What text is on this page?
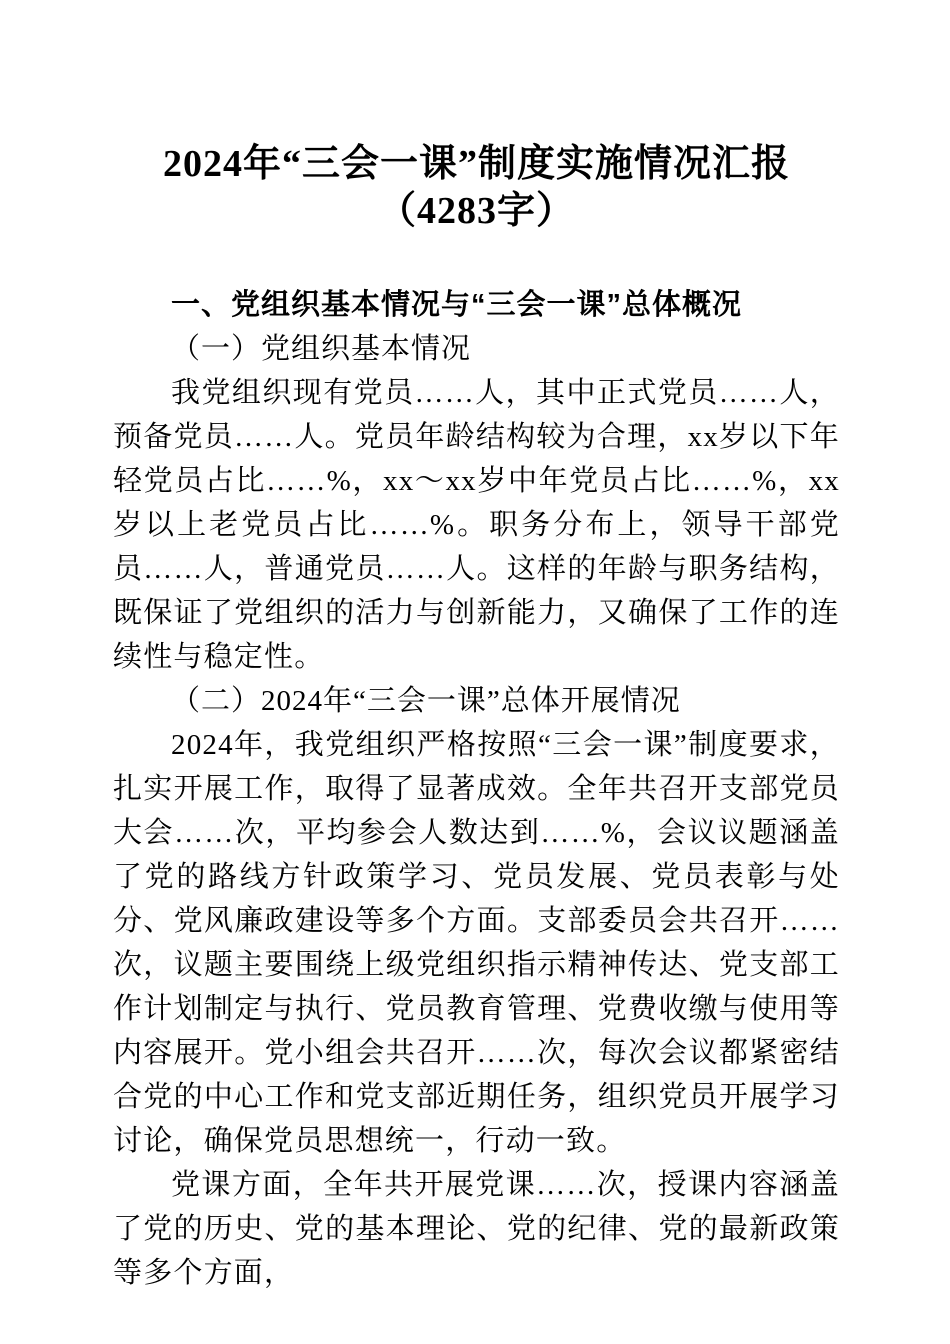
2024年“三会一课”制度实施情况汇报
（4283字）
一、党组织基本情况与“三会一课”总体概况
（一）党组织基本情况

我党组织现有党员……人，其中正式党员……人，预备党员……人。党员年龄结构较为合理，xx岁以下年轻党员占比……%，xx～xx岁中年党员占比……%，xx岁以上老党员占比……%。职务分布上，领导干部党员……人，普通党员……人。这样的年龄与职务结构，既保证了党组织的活力与创新能力，又确保了工作的连续性与稳定性。

（二）2024年“三会一课”总体开展情况

2024年，我党组织严格按照“三会一课”制度要求，扎实开展工作，取得了显著成效。全年共召开支部党员大会……次，平均参会人数达到……%，会议议题涵盖了党的路线方针政策学习、党员发展、党员表彰与处分、党风廉政建设等多个方面。支部委员会共召开……次，议题主要围绕上级党组织指示精神传达、党支部工作计划制定与执行、党员教育管理、党费收缴与使用等内容展开。党小组会共召开……次，每次会议都紧密结合党的中心工作和党支部近期任务，组织党员开展学习讨论，确保党员思想统一，行动一致。

党课方面，全年共开展党课……次，授课内容涵盖了党的历史、党的基本理论、党的纪律、党的最新政策等多个方面，
